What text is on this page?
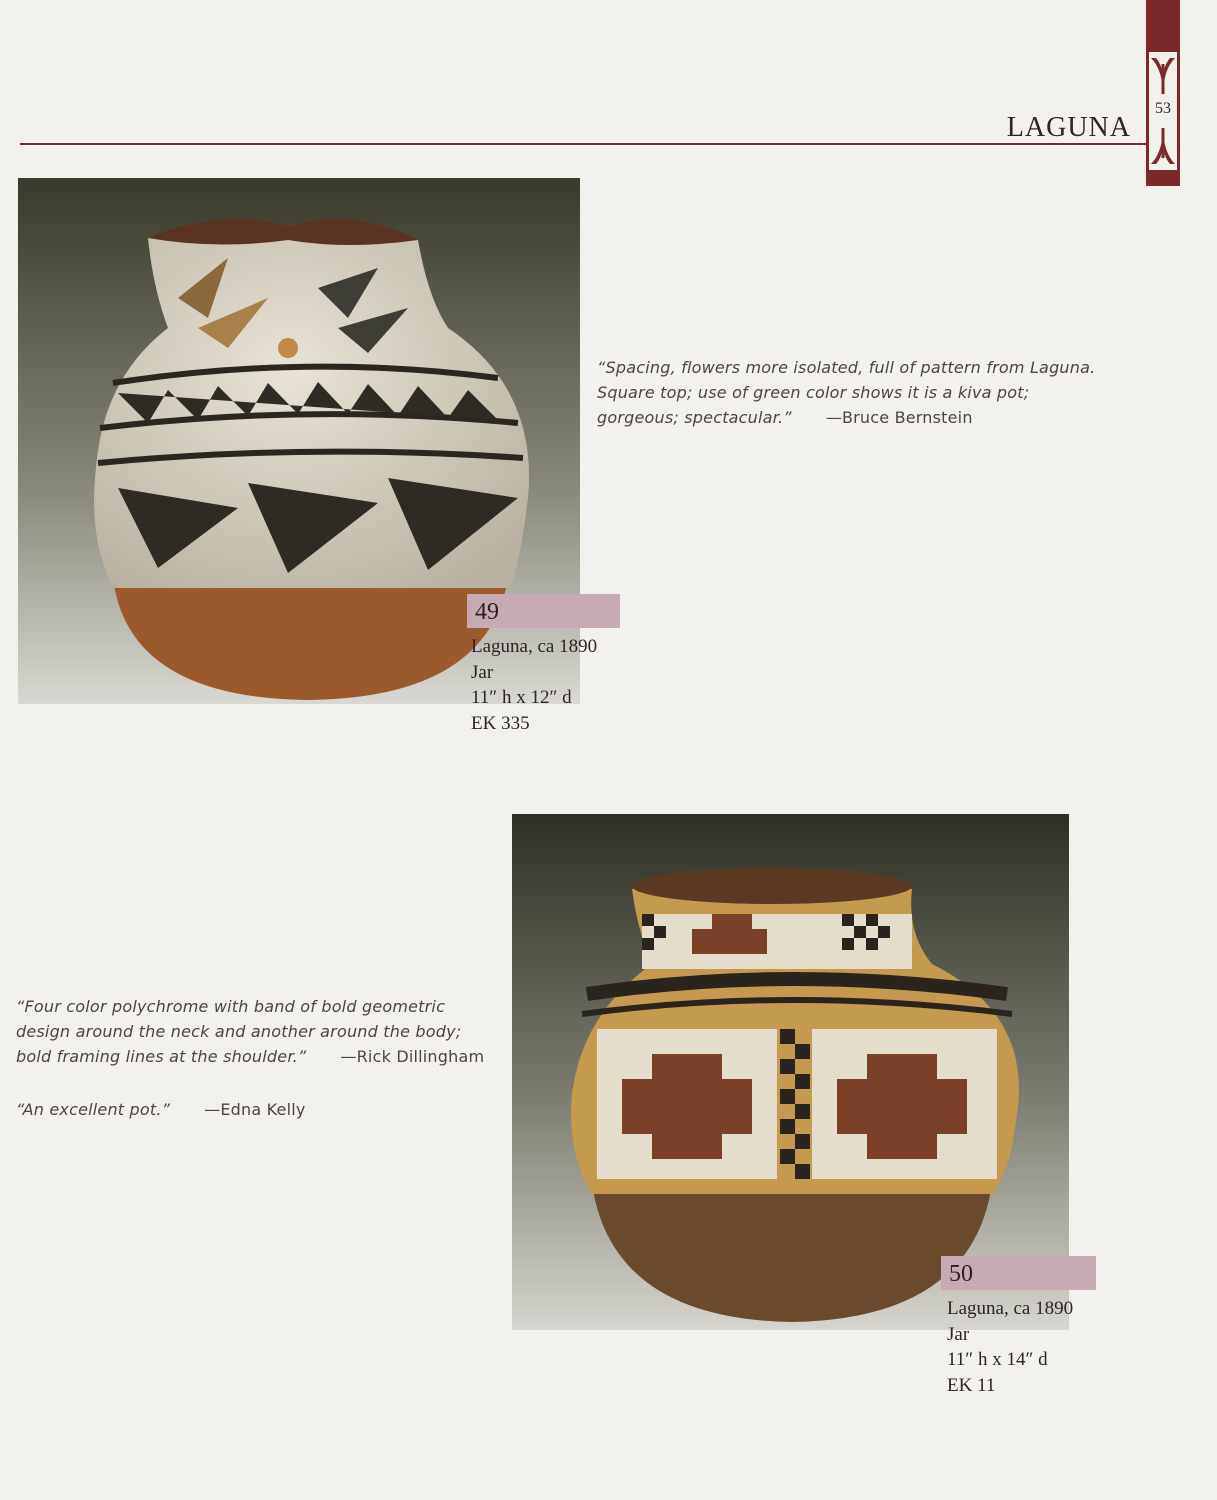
LAGUNA
53
49
Laguna, ca 1890
Jar
11″ h x 12″ d
EK 335
“Spacing, flowers more isolated, full of pattern from Laguna.
Square top; use of green color shows it is a kiva pot;
gorgeous; spectacular.” —Bruce Bernstein
“Four color polychrome with band of bold geometric
design around the neck and another around the body;
bold framing lines at the shoulder.” —Rick Dillingham
“An excellent pot.” —Edna Kelly
50
Laguna, ca 1890
Jar
11″ h x 14″ d
EK 11
